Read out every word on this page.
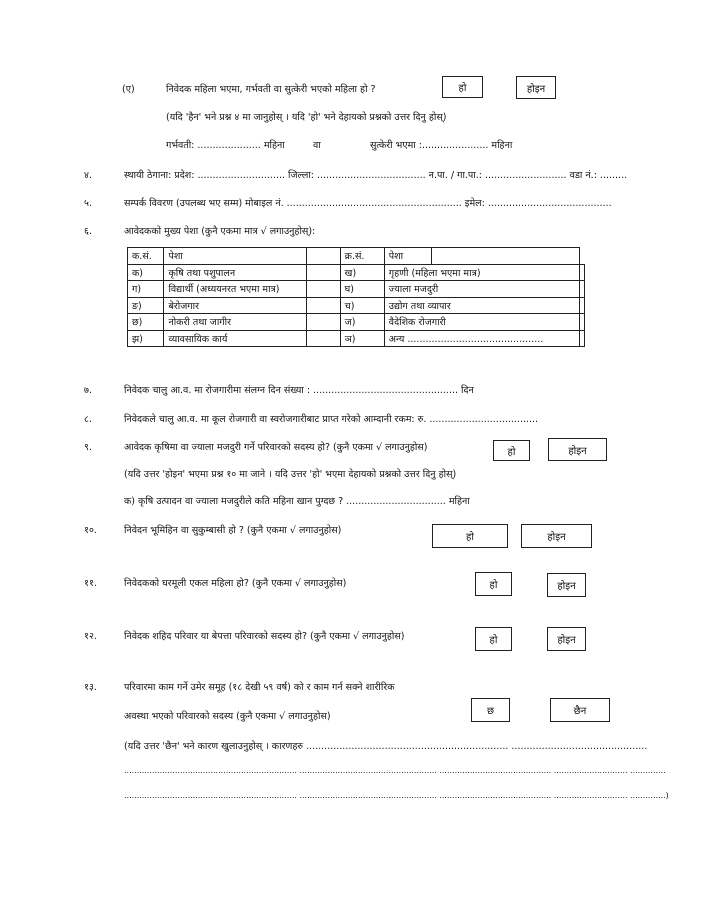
(ए)	निवेदक महिला भएमा, गर्भवती वा सुत्केरी भएको महिला हो ?	हो	होइन
(यदि 'हैन' भने प्रश्न ४ मा जानुहोस् । यदि 'हो' भने देहायको प्रश्नको उत्तर दिनु होस्)
गर्भवती: ..................... महिना	वा	सुत्केरी भएमा :...................... महिना
४.	स्थायी ठेगाना: प्रदेश: ............................. जिल्ला: .................................... न.पा. / गा.पा.: ........................... वडा नं.: .........
५.	सम्पर्क विवरण (उपलब्ध भए सम्म) मोबाइल नं. .......................................................... इमेल: .........................................
६.	आवेदकको मुख्य पेशा (कुनै एकमा मात्र √ लगाउनुहोस्):
क.सं.	पेशा		क्र.सं.	पेशा		
क)	कृषि तथा पशुपालन		ख)	गृहणी (महिला भएमा मात्र)		
ग)	विद्यार्थी (अध्ययनरत भएमा मात्र)		घ)	ज्याला मजदुरी		
ङ)	बेरोजगार		च)	उद्योग तथा व्यापार		
छ)	नोकरी तथा जागीर		ज)	वैदेशिक रोजगारी		
झ)	व्यावसायिक कार्य		ञ)	अन्य .............................................		
७.	निवेदक चालु आ.व. मा रोजगारीमा संलग्न दिन संख्या : ................................................ दिन
८.	निवेदकले चालु आ.व. मा कूल रोजगारी वा स्वरोजगारीबाट प्राप्त गरेको आम्दानी रकम: रु. ....................................
९.	आवेदक कृषिमा वा ज्याला मजदुरी गर्ने परिवारको सदस्य हो? (कुनै एकमा √ लगाउनुहोस)	हो	होइन
(यदि उत्तर 'होइन' भएमा प्रश्न १० मा जाने । यदि उत्तर 'हो' भएमा देहायको प्रश्नको उत्तर दिनु होस्)
क) कृषि उत्पादन वा ज्याला मजदुरीले कति महिना खान पुग्दछ ? ................................. महिना
१०.	निवेदन भूमिहिन वा सुकुम्बासी हो ? (कुनै एकमा √ लगाउनुहोस)
हो	होइन
११.	निवेदकको घरमूली एकल महिला हो? (कुनै एकमा √ लगाउनुहोस)	हो	होइन
१२.	निवेदक शहिद परिवार या बेपत्ता परिवारको सदस्य हो? (कुनै एकमा √ लगाउनुहोस)	हो	होइन
१३.	परिवारमा काम गर्ने उमेर समूह (१८ देखी ५९ वर्ष) को र काम गर्न सक्ने शारीरिक
अवस्था भएको परिवारको सदस्य (कुनै एकमा √ लगाउनुहोस)	छ	छैन
(यदि उत्तर 'छैन' भने कारण खुलाउनुहोस् । कारणहरु ................................................................... .............................................
.................................................................... ...................................................... ............................................ ............................. ..............
.................................................................... ...................................................... ............................................ ............................. ..............)
